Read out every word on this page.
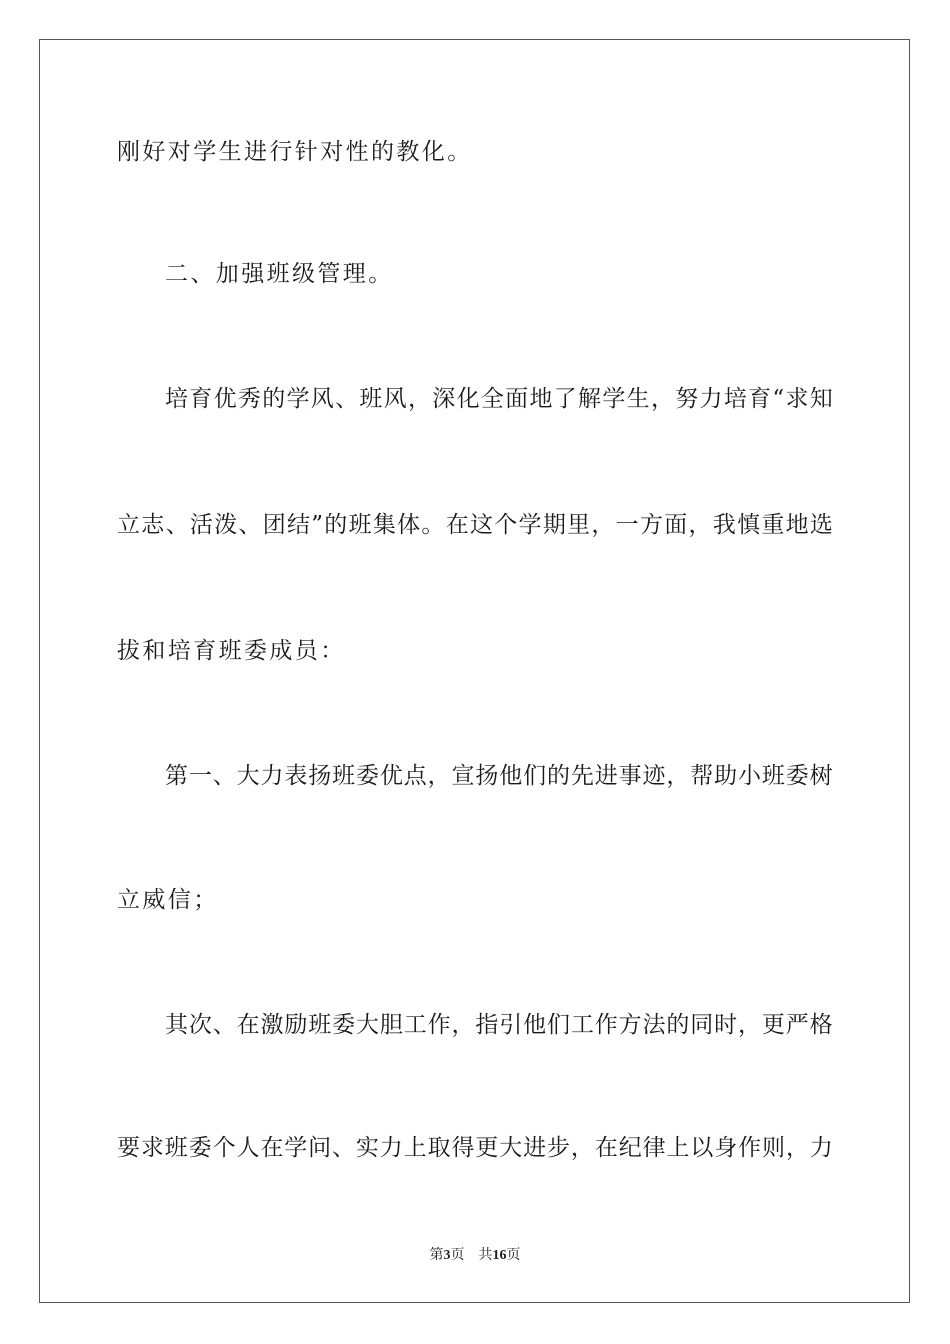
刚好对学生进行针对性的教化。
二、加强班级管理。
培 育 优 秀 的 学 风 、 班 风 ， 深 化 全 面 地 了 解 学 生 ， 努 力 培 育 “ 求 知
立 志 、 活 泼 、 团 结 ” 的 班 集 体 。 在 这 个 学 期 里 ， 一 方 面 ， 我 慎 重 地 选
拔和培育班委成员：
第 一 、 大 力 表 扬 班 委 优 点 ， 宣 扬 他 们 的 先 进 事 迹 ， 帮 助 小 班 委 树
立威信；
其 次 、 在 激 励 班 委 大 胆 工 作 ， 指 引 他 们 工 作 方 法 的 同 时 ， 更 严 格
要 求 班 委 个 人 在 学 问 、 实 力 上 取 得 更 大 进 步 ， 在 纪 律 上 以 身 作 则 ， 力
第3页 共16页
